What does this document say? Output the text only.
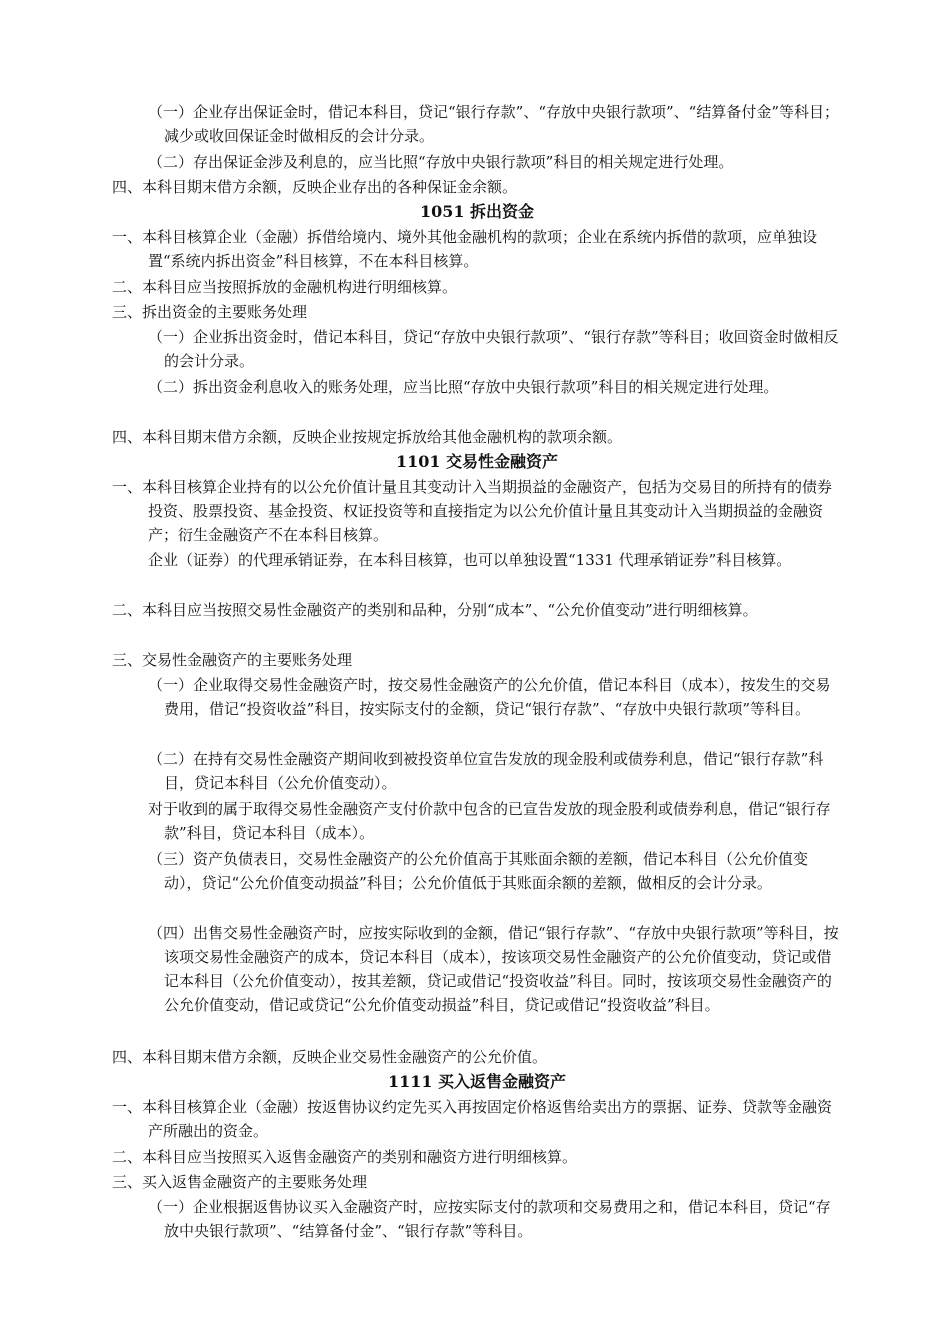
（一）企业存出保证金时，借记本科目，贷记“银行存款”、“存放中央银行款项”、“结算备付金”等科目；减少或收回保证金时做相反的会计分录。

（二）存出保证金涉及利息的，应当比照“存放中央银行款项”科目的相关规定进行处理。

四、本科目期末借方余额，反映企业存出的各种保证金余额。

1051 拆出资金

一、本科目核算企业（金融）拆借给境内、境外其他金融机构的款项；企业在系统内拆借的款项，应单独设置“系统内拆出资金”科目核算，不在本科目核算。

二、本科目应当按照拆放的金融机构进行明细核算。

三、拆出资金的主要账务处理

（一）企业拆出资金时，借记本科目，贷记“存放中央银行款项”、“银行存款”等科目；收回资金时做相反的会计分录。

（二）拆出资金利息收入的账务处理，应当比照“存放中央银行款项”科目的相关规定进行处理。

四、本科目期末借方余额，反映企业按规定拆放给其他金融机构的款项余额。

1101 交易性金融资产

一、本科目核算企业持有的以公允价值计量且其变动计入当期损益的金融资产，包括为交易目的所持有的债券投资、股票投资、基金投资、权证投资等和直接指定为以公允价值计量且其变动计入当期损益的金融资产；衍生金融资产不在本科目核算。

企业（证券）的代理承销证券，在本科目核算，也可以单独设置“1331 代理承销证券”科目核算。

二、本科目应当按照交易性金融资产的类别和品种，分别“成本”、“公允价值变动”进行明细核算。

三、交易性金融资产的主要账务处理

（一）企业取得交易性金融资产时，按交易性金融资产的公允价值，借记本科目（成本），按发生的交易费用，借记“投资收益”科目，按实际支付的金额，贷记“银行存款”、“存放中央银行款项”等科目。

（二）在持有交易性金融资产期间收到被投资单位宣告发放的现金股利或债券利息，借记“银行存款”科目，贷记本科目（公允价值变动）。

对于收到的属于取得交易性金融资产支付价款中包含的已宣告发放的现金股利或债券利息，借记“银行存款”科目，贷记本科目（成本）。

（三）资产负债表日，交易性金融资产的公允价值高于其账面余额的差额，借记本科目（公允价值变动），贷记“公允价值变动损益”科目；公允价值低于其账面余额的差额，做相反的会计分录。

（四）出售交易性金融资产时，应按实际收到的金额，借记“银行存款”、“存放中央银行款项”等科目，按该项交易性金融资产的成本，贷记本科目（成本），按该项交易性金融资产的公允价值变动，贷记或借记本科目（公允价值变动），按其差额，贷记或借记“投资收益”科目。同时，按该项交易性金融资产的公允价值变动，借记或贷记“公允价值变动损益”科目，贷记或借记“投资收益”科目。

四、本科目期末借方余额，反映企业交易性金融资产的公允价值。

1111 买入返售金融资产

一、本科目核算企业（金融）按返售协议约定先买入再按固定价格返售给卖出方的票据、证券、贷款等金融资产所融出的资金。

二、本科目应当按照买入返售金融资产的类别和融资方进行明细核算。

三、买入返售金融资产的主要账务处理

（一）企业根据返售协议买入金融资产时，应按实际支付的款项和交易费用之和，借记本科目，贷记“存放中央银行款项”、“结算备付金”、“银行存款”等科目。
